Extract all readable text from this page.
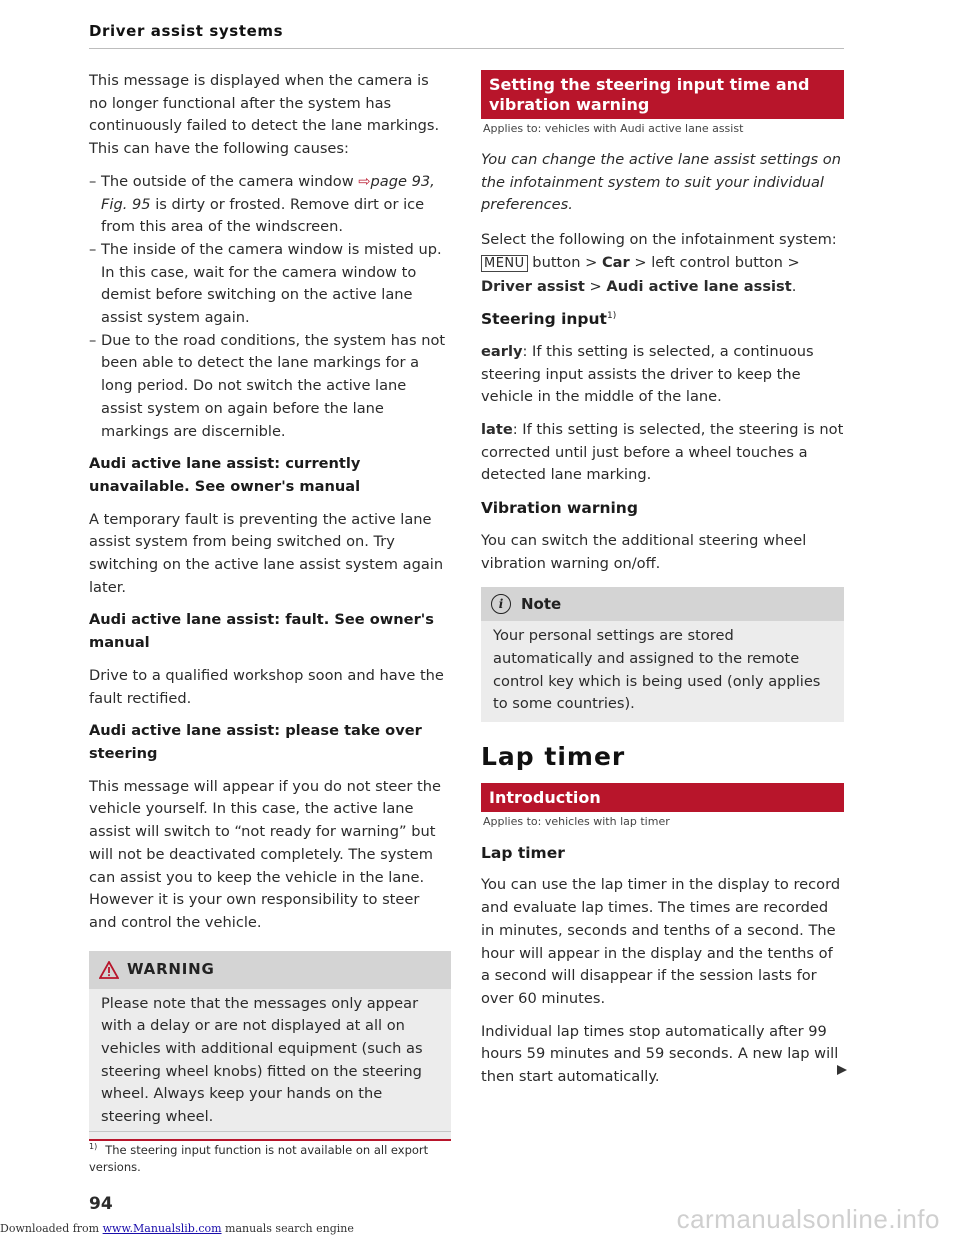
Driver assist systems

This message is displayed when the camera is no longer functional after the system has continuously failed to detect the lane markings. This can have the following causes:

– The outside of the camera window ⇨page 93, Fig. 95 is dirty or frosted. Remove dirt or ice from this area of the windscreen.
– The inside of the camera window is misted up. In this case, wait for the camera window to demist before switching on the active lane assist system again.
– Due to the road conditions, the system has not been able to detect the lane markings for a long period. Do not switch the active lane assist system on again before the lane markings are discernible.

Audi active lane assist: currently unavailable. See owner's manual

A temporary fault is preventing the active lane assist system from being switched on. Try switching on the active lane assist system again later.

Audi active lane assist: fault. See owner's manual

Drive to a qualified workshop soon and have the fault rectified.

Audi active lane assist: please take over steering

This message will appear if you do not steer the vehicle yourself. In this case, the active lane assist will switch to “not ready for warning” but will not be deactivated completely. The system can assist you to keep the vehicle in the lane. However it is your own responsibility to steer and control the vehicle.

WARNING
Please note that the messages only appear with a delay or are not displayed at all on vehicles with additional equipment (such as steering wheel knobs) fitted on the steering wheel. Always keep your hands on the steering wheel.
Setting the steering input time and vibration warning
Applies to: vehicles with Audi active lane assist

You can change the active lane assist settings on the infotainment system to suit your individual preferences.

Select the following on the infotainment system:
MENU button > Car > left control button > Driver assist > Audi active lane assist.

Steering input$^{1)}$

early: If this setting is selected, a continuous steering input assists the driver to keep the vehicle in the middle of the lane.

late: If this setting is selected, the steering is not corrected until just before a wheel touches a detected lane marking.

Vibration warning

You can switch the additional steering wheel vibration warning on/off.

i	Note
Your personal settings are stored automatically and assigned to the remote control key which is being used (only applies to some countries).
Lap timer
Introduction
Applies to: vehicles with lap timer

Lap timer

You can use the lap timer in the display to record and evaluate lap times. The times are recorded in minutes, seconds and tenths of a second. The hour will appear in the display and the tenths of a second will disappear if the session lasts for over 60 minutes.

Individual lap times stop automatically after 99 hours 59 minutes and 59 seconds. A new lap will then start automatically.

$^{1)}$ The steering input function is not available on all export versions.
94
Downloaded from www.Manualslib.com manuals search engine	carmanualsonline.info
